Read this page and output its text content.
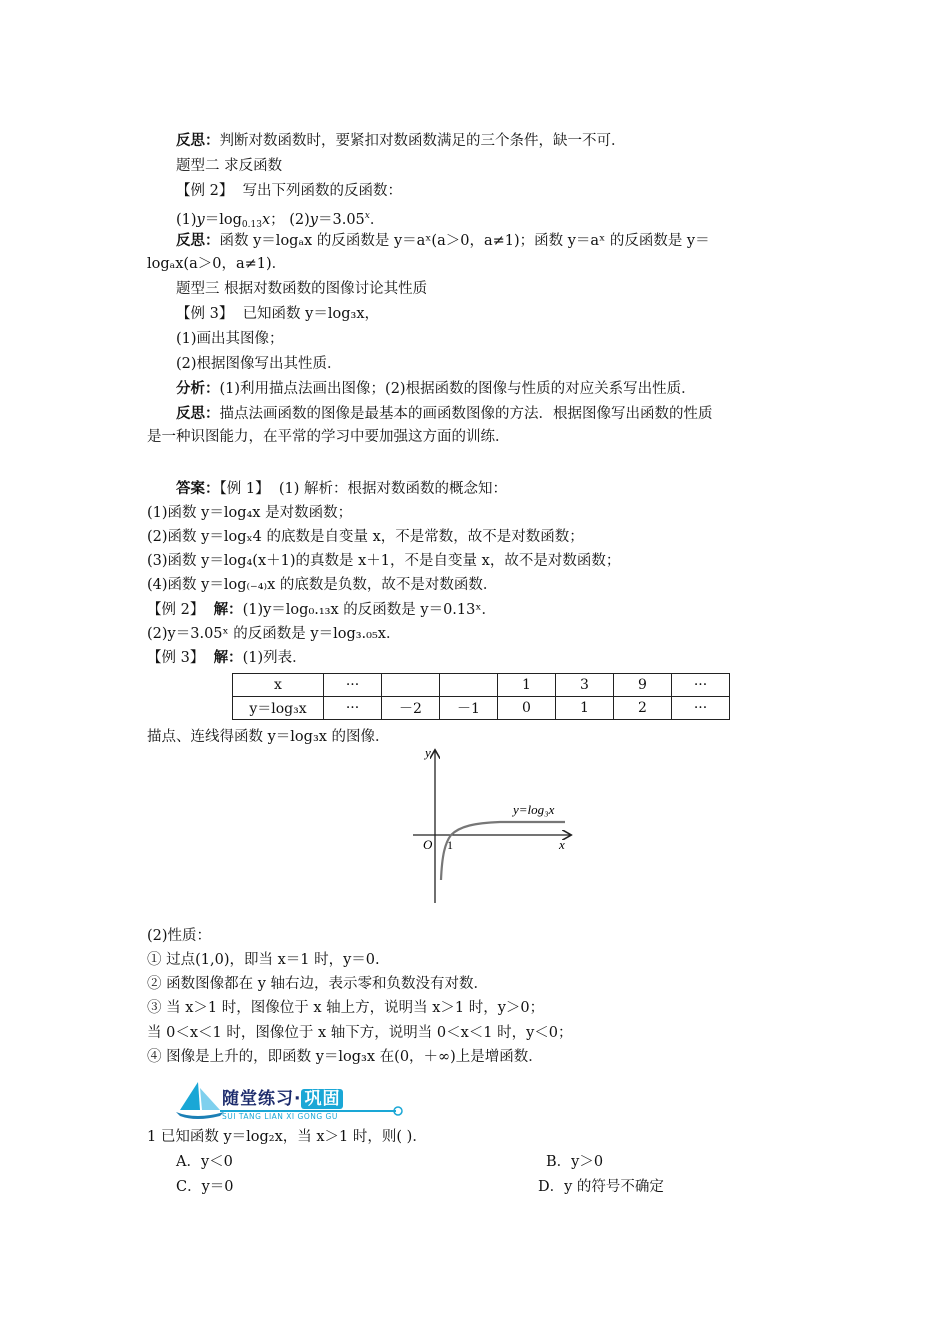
反思：判断对数函数时，要紧扣对数函数满足的三个条件，缺一不可．
题型二 求反函数
【例 2】 写出下列函数的反函数：
$(1)y=\log_{0.13}x$； $(2)y=3.05^x$．
反思：函数 y＝logₐx 的反函数是 y＝aˣ(a＞0，a≠1)；函数 y＝aˣ 的反函数是 y＝
logₐx(a＞0，a≠1)．
题型三 根据对数函数的图像讨论其性质
【例 3】 已知函数 y＝log₃x，
(1)画出其图像；
(2)根据图像写出其性质．
分析：(1)利用描点法画出图像；(2)根据函数的图像与性质的对应关系写出性质．
反思：描点法画函数的图像是最基本的画函数图像的方法．根据图像写出函数的性质
是一种识图能力，在平常的学习中要加强这方面的训练．
答案：【例 1】 (1) 解析：根据对数函数的概念知：
(1)函数 y＝log₄x 是对数函数；
(2)函数 y＝logₓ4 的底数是自变量 x，不是常数，故不是对数函数；
(3)函数 y＝log₄(x＋1)的真数是 x＋1，不是自变量 x，故不是对数函数；
(4)函数 y＝log₍₋₄₎x 的底数是负数，故不是对数函数．
【例 2】 解：(1)y＝log₀.₁₃x 的反函数是 y＝0.13ˣ．
(2)y＝3.05ˣ 的反函数是 y＝log₃.₀₅x．
【例 3】 解：(1)列表．
x	···			1	3	9	···
y＝log₃x	···	－2	－1	0	1	2	···
描点、连线得函数 y＝log₃x 的图像．
y
x
O 1
y=log₃x
(2)性质：
① 过点(1,0)，即当 x＝1 时，y＝0.
② 函数图像都在 y 轴右边，表示零和负数没有对数．
③ 当 x＞1 时，图像位于 x 轴上方，说明当 x＞1 时，y＞0；
当 0＜x＜1 时，图像位于 x 轴下方，说明当 0＜x＜1 时，y＜0；
④ 图像是上升的，即函数 y＝log₃x 在(0，＋∞)上是增函数．
随堂练习· 巩固
SUI TANG LIAN XI GONG GU
1 已知函数 y＝log₂x，当 x＞1 时，则( )．
A．y＜0	B．y＞0
C．y＝0	D．y 的符号不确定
